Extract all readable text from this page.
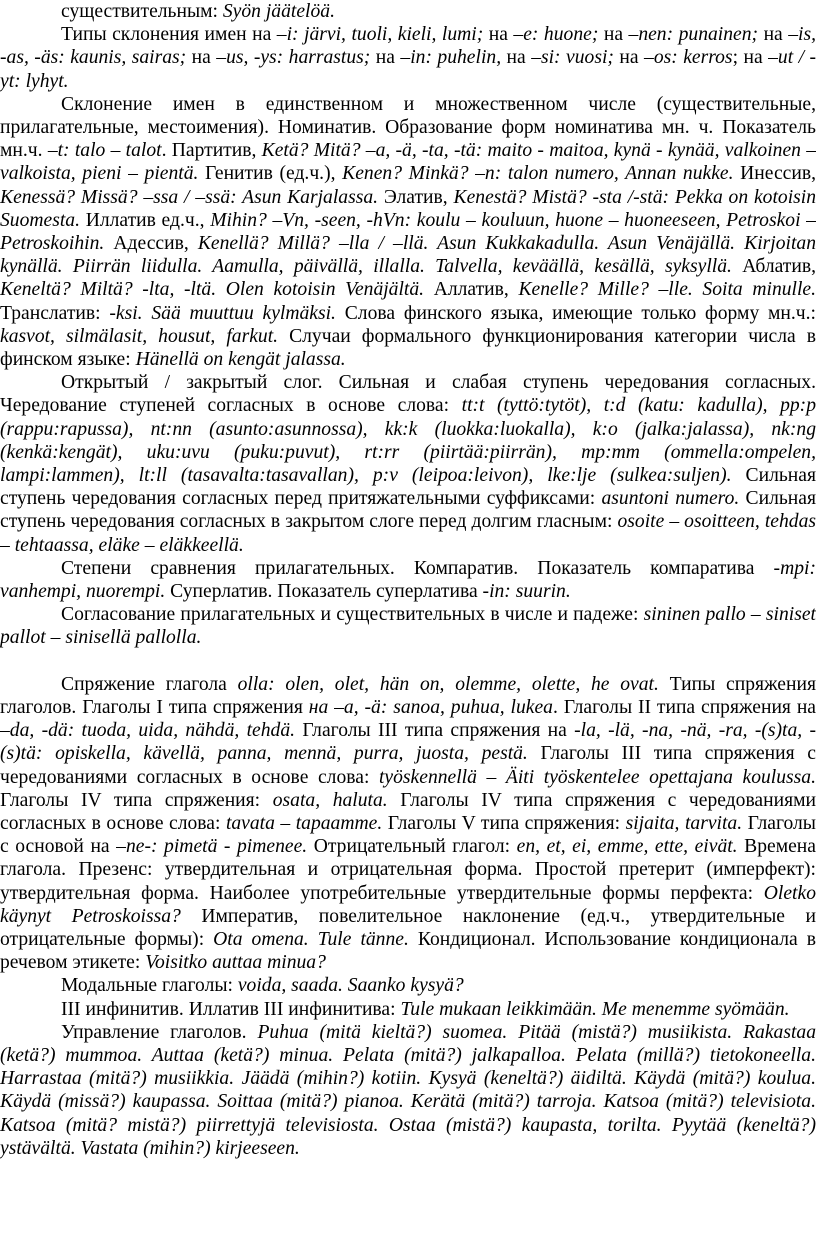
существительным: Syön jäätelöä.

Типы склонения имен на –i: järvi, tuoli, kieli, lumi; на –e: huone; на –nen: punainen; на –is, -as, -äs: kaunis, sairas; на –us, -ys: harrastus; на –in: puhelin, на –si: vuosi; на –os: kerros; на –ut / -yt: lyhyt.

Склонение имен в единственном и множественном числе (существительные, прилагательные, местоимения). Номинатив. Образование форм номинатива мн. ч. Показатель мн.ч. –t: talo – talot. Партитив, Ketä? Mitä? –a, -ä, -ta, -tä: maito - maitoa, kynä - kynää, valkoinen – valkoista, pieni – pientä. Генитив (ед.ч.), Kenen? Minkä? –n: talon numero, Annan nukke. Инессив, Kenessä? Missä? –ssa / –ssä: Asun Karjalassa. Элатив, Kenestä? Mistä? -sta /-stä: Pekka on kotoisin Suomesta. Иллатив ед.ч., Mihin? –Vn, -seen, -hVn: koulu – kouluun, huone – huoneeseen, Petroskoi – Petroskoihin. Адессив, Kenellä? Millä? –lla / –llä. Asun Kukkakadulla. Asun Venäjällä. Kirjoitan kynällä. Piirrän liidulla. Aamulla, päivällä, illalla. Talvella, keväällä, kesällä, syksyllä. Аблатив, Keneltä? Miltä? -lta, -ltä. Olen kotoisin Venäjältä. Аллатив, Kenelle? Mille? –lle. Soita minulle. Транслатив: -ksi. Sää muuttuu kylmäksi. Слова финского языка, имеющие только форму мн.ч.: kasvot, silmälasit, housut, farkut. Случаи формального функционирования категории числа в финском языке: Hänellä on kengät jalassa.

Открытый / закрытый слог. Сильная и слабая ступень чередования согласных. Чередование ступеней согласных в основе слова: tt:t (tyttö:tytöt), t:d (katu: kadulla), pp:p (rappu:rapussa), nt:nn (asunto:asunnossa), kk:k (luokka:luokalla), k:o (jalka:jalassa), nk:ng (kenkä:kengät), uku:uvu (puku:puvut), rt:rr (piirtää:piirrän), mp:mm (ommella:ompelen, lampi:lammen), lt:ll (tasavalta:tasavallan), p:v (leipoa:leivon), lke:lje (sulkea:suljen). Сильная ступень чередования согласных перед притяжательными суффиксами: asuntoni numero. Сильная ступень чередования согласных в закрытом слоге перед долгим гласным: osoite – osoitteen, tehdas – tehtaassa, eläke – eläkkeellä.

Степени сравнения прилагательных. Компаратив. Показатель компаратива -mpi: vanhempi, nuorempi. Суперлатив. Показатель суперлатива -in: suurin.

Согласование прилагательных и существительных в числе и падеже: sininen pallo – siniset pallot – sinisellä pallolla.

Спряжение глагола olla: olen, olet, hän on, olemme, olette, he ovat. Типы спряжения глаголов. Глаголы I типа спряжения на –a, -ä: sanoa, puhua, lukea. Глаголы II типа спряжения на –da, -dä: tuoda, uida, nähdä, tehdä. Глаголы III типа спряжения на -la, -lä, -na, -nä, -ra, -(s)ta, -(s)tä: opiskella, kävellä, panna, mennä, purra, juosta, pestä. Глаголы III типа спряжения с чередованиями согласных в основе слова: työskennellä – Äiti työskentelee opettajana koulussa. Глаголы IV типа спряжения: osata, haluta. Глаголы IV типа спряжения с чередованиями согласных в основе слова: tavata – tapaamme. Глаголы V типа спряжения: sijaita, tarvita. Глаголы с основой на –ne-: pimetä - pimenee. Отрицательный глагол: en, et, ei, emme, ette, eivät. Времена глагола. Презенс: утвердительная и отрицательная форма. Простой претерит (имперфект): утвердительная форма. Наиболее употребительные утвердительные формы перфекта: Oletko käynyt Petroskoissa? Императив, повелительное наклонение (ед.ч., утвердительные и отрицательные формы): Ota omena. Tule tänne. Кондиционал. Использование кондиционала в речевом этикете: Voisitko auttaa minua?

Модальные глаголы: voida, saada. Saanko kysyä?

III инфинитив. Иллатив III инфинитива: Tule mukaan leikkimään. Me menemme syömään.

Управление глаголов. Puhua (mitä kieltä?) suomea. Pitää (mistä?) musiikista. Rakastaa (ketä?) mummoa. Auttaa (ketä?) minua. Pelata (mitä?) jalkapalloa. Pelata (millä?) tietokoneella. Harrastaa (mitä?) musiikkia. Jäädä (mihin?) kotiin. Kysyä (keneltä?) äidiltä. Käydä (mitä?) koulua. Käydä (missä?) kaupassa. Soittaa (mitä?) pianoa. Kerätä (mitä?) tarroja. Katsoa (mitä?) televisiota. Katsoa (mitä? mistä?) piirrettyjä televisiosta. Ostaa (mistä?) kaupasta, torilta. Pyytää (keneltä?) ystävältä. Vastata (mihin?) kirjeeseen.
